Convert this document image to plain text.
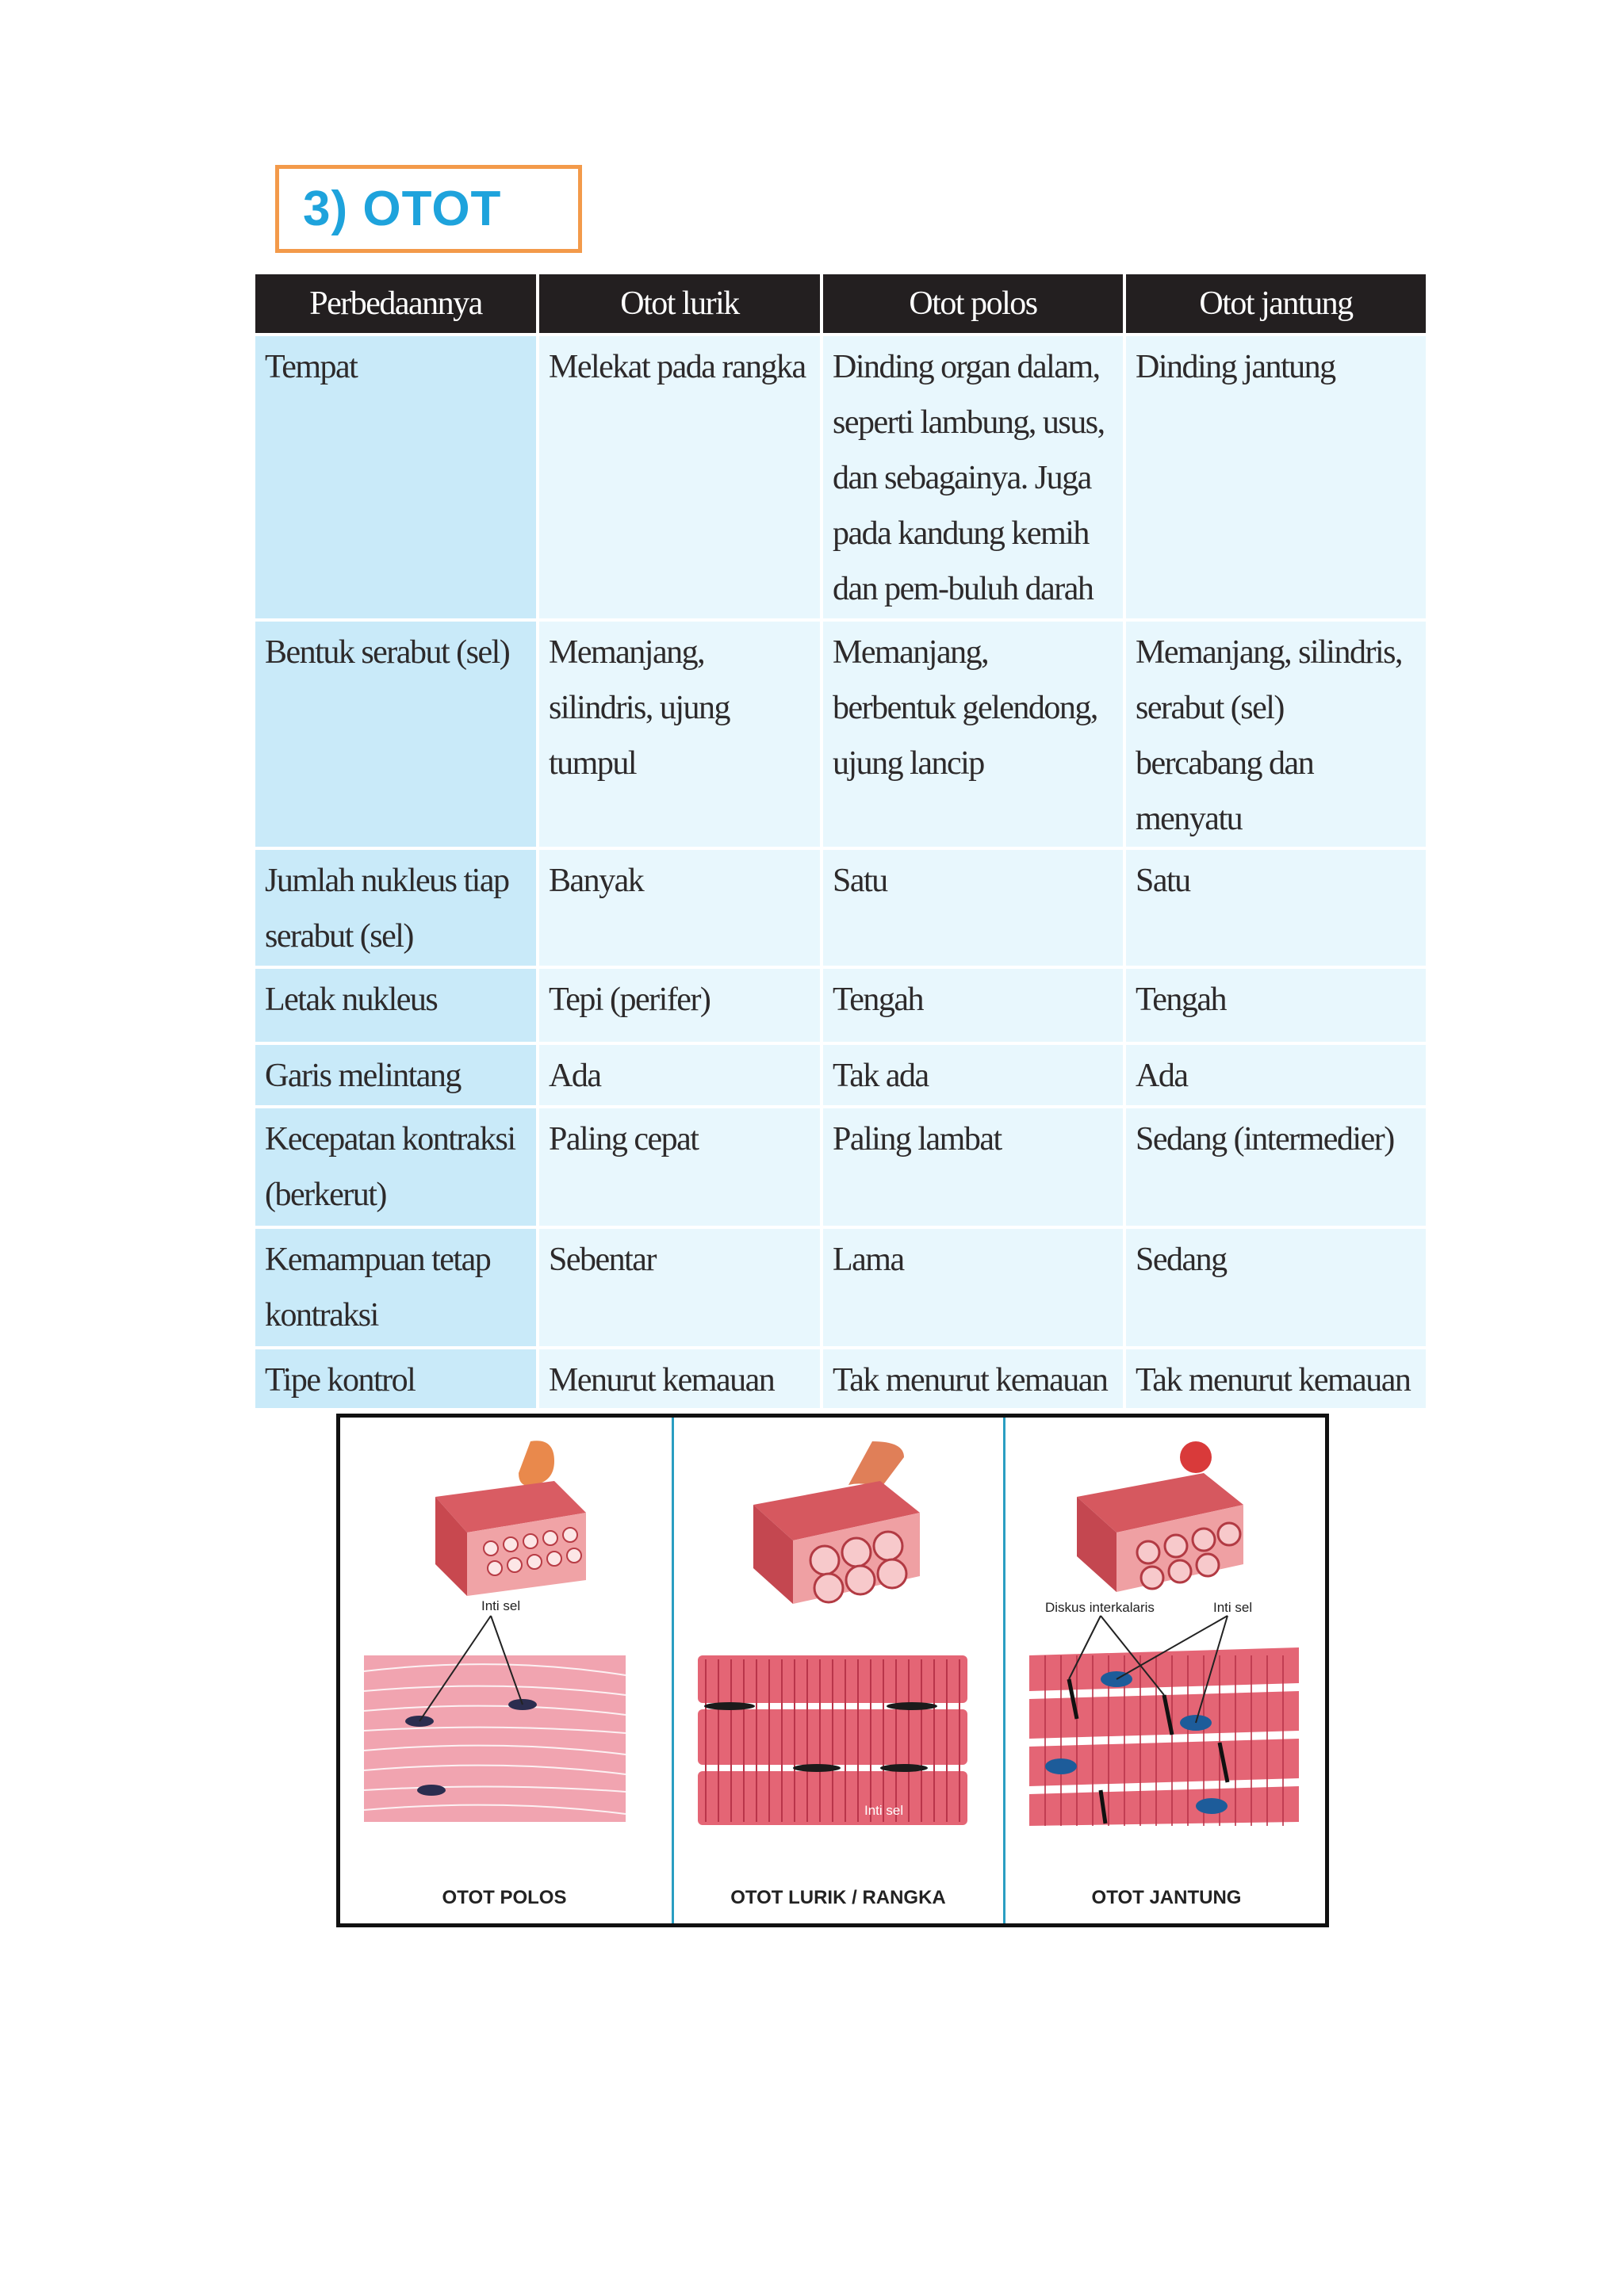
3) OTOT
Perbedaannya	Otot lurik	Otot polos	Otot jantung
Tempat	Melekat pada rangka	Dinding organ dalam, seperti lambung, usus, dan sebagainya. Juga pada kandung kemih dan pem-buluh darah	Dinding jantung
Bentuk serabut (sel)	Memanjang, silindris, ujung tumpul	Memanjang, berbentuk gelendong, ujung lancip	Memanjang, silindris, serabut (sel) bercabang dan menyatu
Jumlah nukleus tiap serabut (sel)	Banyak	Satu	Satu
Letak nukleus	Tepi (perifer)	Tengah	Tengah
Garis melintang	Ada	Tak ada	Ada
Kecepatan kontraksi (berkerut)	Paling cepat	Paling lambat	Sedang (intermedier)
Kemampuan tetap kontraksi	Sebentar	Lama	Sedang
Tipe kontrol	Menurut kemauan	Tak menurut kemauan	Tak menurut kemauan
Inti sel
OTOT POLOS
Inti sel
OTOT LURIK / RANGKA
Diskus interkalaris	Inti sel
OTOT JANTUNG
